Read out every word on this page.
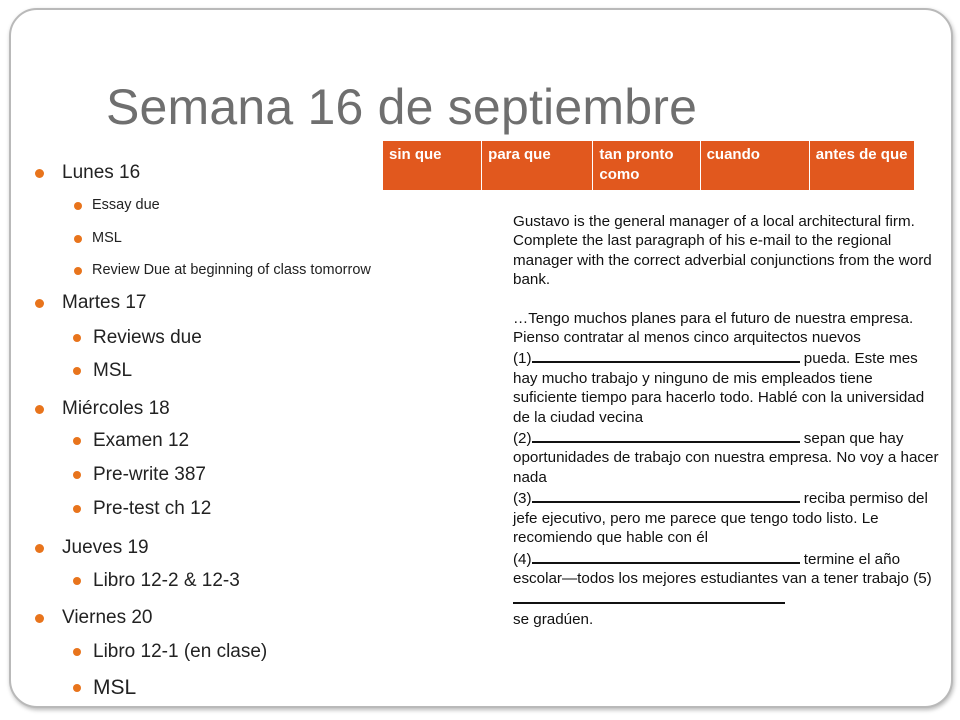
Semana 16 de septiembre
Lunes 16
Essay due
MSL
Review Due at beginning of class tomorrow
Martes 17
Reviews due
MSL
Miércoles 18
Examen 12
Pre-write 387
Pre-test ch 12
Jueves 19
Libro 12-2 & 12-3
Viernes 20
Libro 12-1 (en clase)
MSL
sin que	para que	tan pronto como	cuando	antes de que

Gustavo is the general manager of a local architectural firm. Complete the last paragraph of his e-mail to the regional manager with the correct adverbial conjunctions from the word bank.

…Tengo muchos planes para el futuro de nuestra empresa. Pienso contratar al menos cinco arquitectos nuevos
(1)	pueda. Este mes hay mucho trabajo y ninguno de mis empleados tiene suficiente tiempo para hacerlo todo. Hablé con la universidad de la ciudad vecina
(2)	sepan que hay oportunidades de trabajo con nuestra empresa. No voy a hacer nada
(3)	reciba permiso del jefe ejecutivo, pero me parece que tengo todo listo. Le recomiendo que hable con él
(4)	termine el año escolar—todos los mejores estudiantes van a tener trabajo (5)
se gradúen.
